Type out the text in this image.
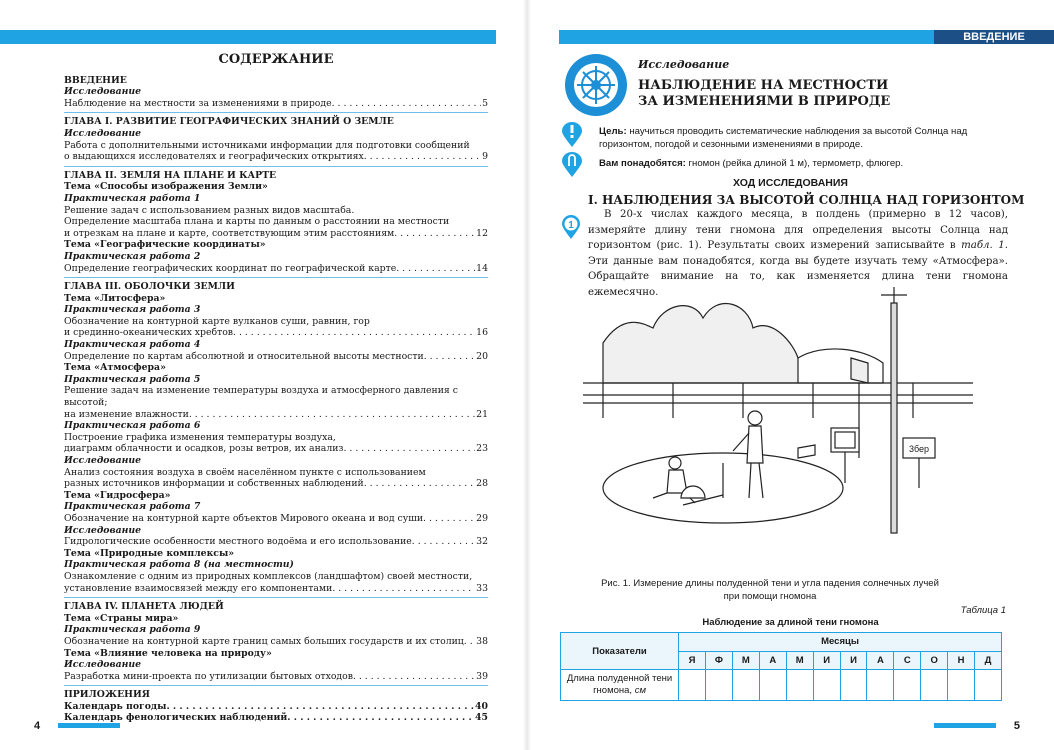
СОДЕРЖАНИЕ
ВВЕДЕНИЕ
Исследование
Наблюдение на местности за изменениями в природе . . .	5
ГЛАВА I. РАЗВИТИЕ ГЕОГРАФИЧЕСКИХ ЗНАНИЙ О ЗЕМЛЕ
Исследование
Работа с дополнительными источниками информации для подготовки сообщений
о выдающихся исследователях и географических открытиях . . .	9
ГЛАВА II. ЗЕМЛЯ НА ПЛАНЕ И КАРТЕ
Тема «Способы изображения Земли»
Практическая работа 1
Решение задач с использованием разных видов масштаба.
Определение масштаба плана и карты по данным о расстоянии на местности
и отрезкам на плане и карте, соответствующим этим расстояниям . . .	12
Тема «Географические координаты»
Практическая работа 2
Определение географических координат по географической карте . . .	14
ГЛАВА III. ОБОЛОЧКИ ЗЕМЛИ
Тема «Литосфера»
Практическая работа 3
Обозначение на контурной карте вулканов суши, равнин, гор
и срединно-океанических хребтов . . .	16
Практическая работа 4
Определение по картам абсолютной и относительной высоты местности . . .	20
Тема «Атмосфера»
Практическая работа 5
Решение задач на изменение температуры воздуха и атмосферного давления с высотой;
на изменение влажности . . .	21
Практическая работа 6
Построение графика изменения температуры воздуха,
диаграмм облачности и осадков, розы ветров, их анализ . . .	23
Исследование
Анализ состояния воздуха в своём населённом пункте с использованием
разных источников информации и собственных наблюдений . . .	28
Тема «Гидросфера»
Практическая работа 7
Обозначение на контурной карте объектов Мирового океана и вод суши . . .	29
Исследование
Гидрологические особенности местного водоёма и его использование . . .	32
Тема «Природные комплексы»
Практическая работа 8 (на местности)
Ознакомление с одним из природных комплексов (ландшафтом) своей местности,
установление взаимосвязей между его компонентами . . .	33
ГЛАВА IV. ПЛАНЕТА ЛЮДЕЙ
Тема «Страны мира»
Практическая работа 9
Обозначение на контурной карте границ самых больших государств и их столиц . . . 38
Тема «Влияние человека на природу»
Исследование
Разработка мини-проекта по утилизации бытовых отходов . . .	39
ПРИЛОЖЕНИЯ
Календарь погоды . . .	40
Календарь фенологических наблюдений . . .	45
4
ВВЕДЕНИЕ
5
Исследование
НАБЛЮДЕНИЕ НА МЕСТНОСТИ
ЗА ИЗМЕНЕНИЯМИ В ПРИРОДЕ
Цель: научиться проводить систематические наблюдения за высотой Солнца над горизонтом, погодой и сезонными изменениями в природе.
Вам понадобятся: гномон (рейка длиной 1 м), термометр, флюгер.
ХОД ИССЛЕДОВАНИЯ
I. НАБЛЮДЕНИЯ ЗА ВЫСОТОЙ СОЛНЦА НАД ГОРИЗОНТОМ
1
В 20-х числах каждого месяца, в полдень (примерно в 12 часов), измеряйте длину тени гномона для определения высоты Солнца над горизонтом (рис. 1). Результаты своих измерений записывайте в табл. 1. Эти данные вам понадобятся, когда вы будете изучать тему «Атмосфера». Обращайте внимание на то, как изменяется длина тени гномона ежемесячно.
3бер
Рис. 1. Измерение длины полуденной тени и угла падения солнечных лучей
при помощи гномона
Таблица 1
Наблюдение за длиной тени гномона
Показатели	Месяцы											
	Я	Ф	М	А	М	И	И	А	С	О	Н	Д
Длина полуденной тени
гномона, см												
